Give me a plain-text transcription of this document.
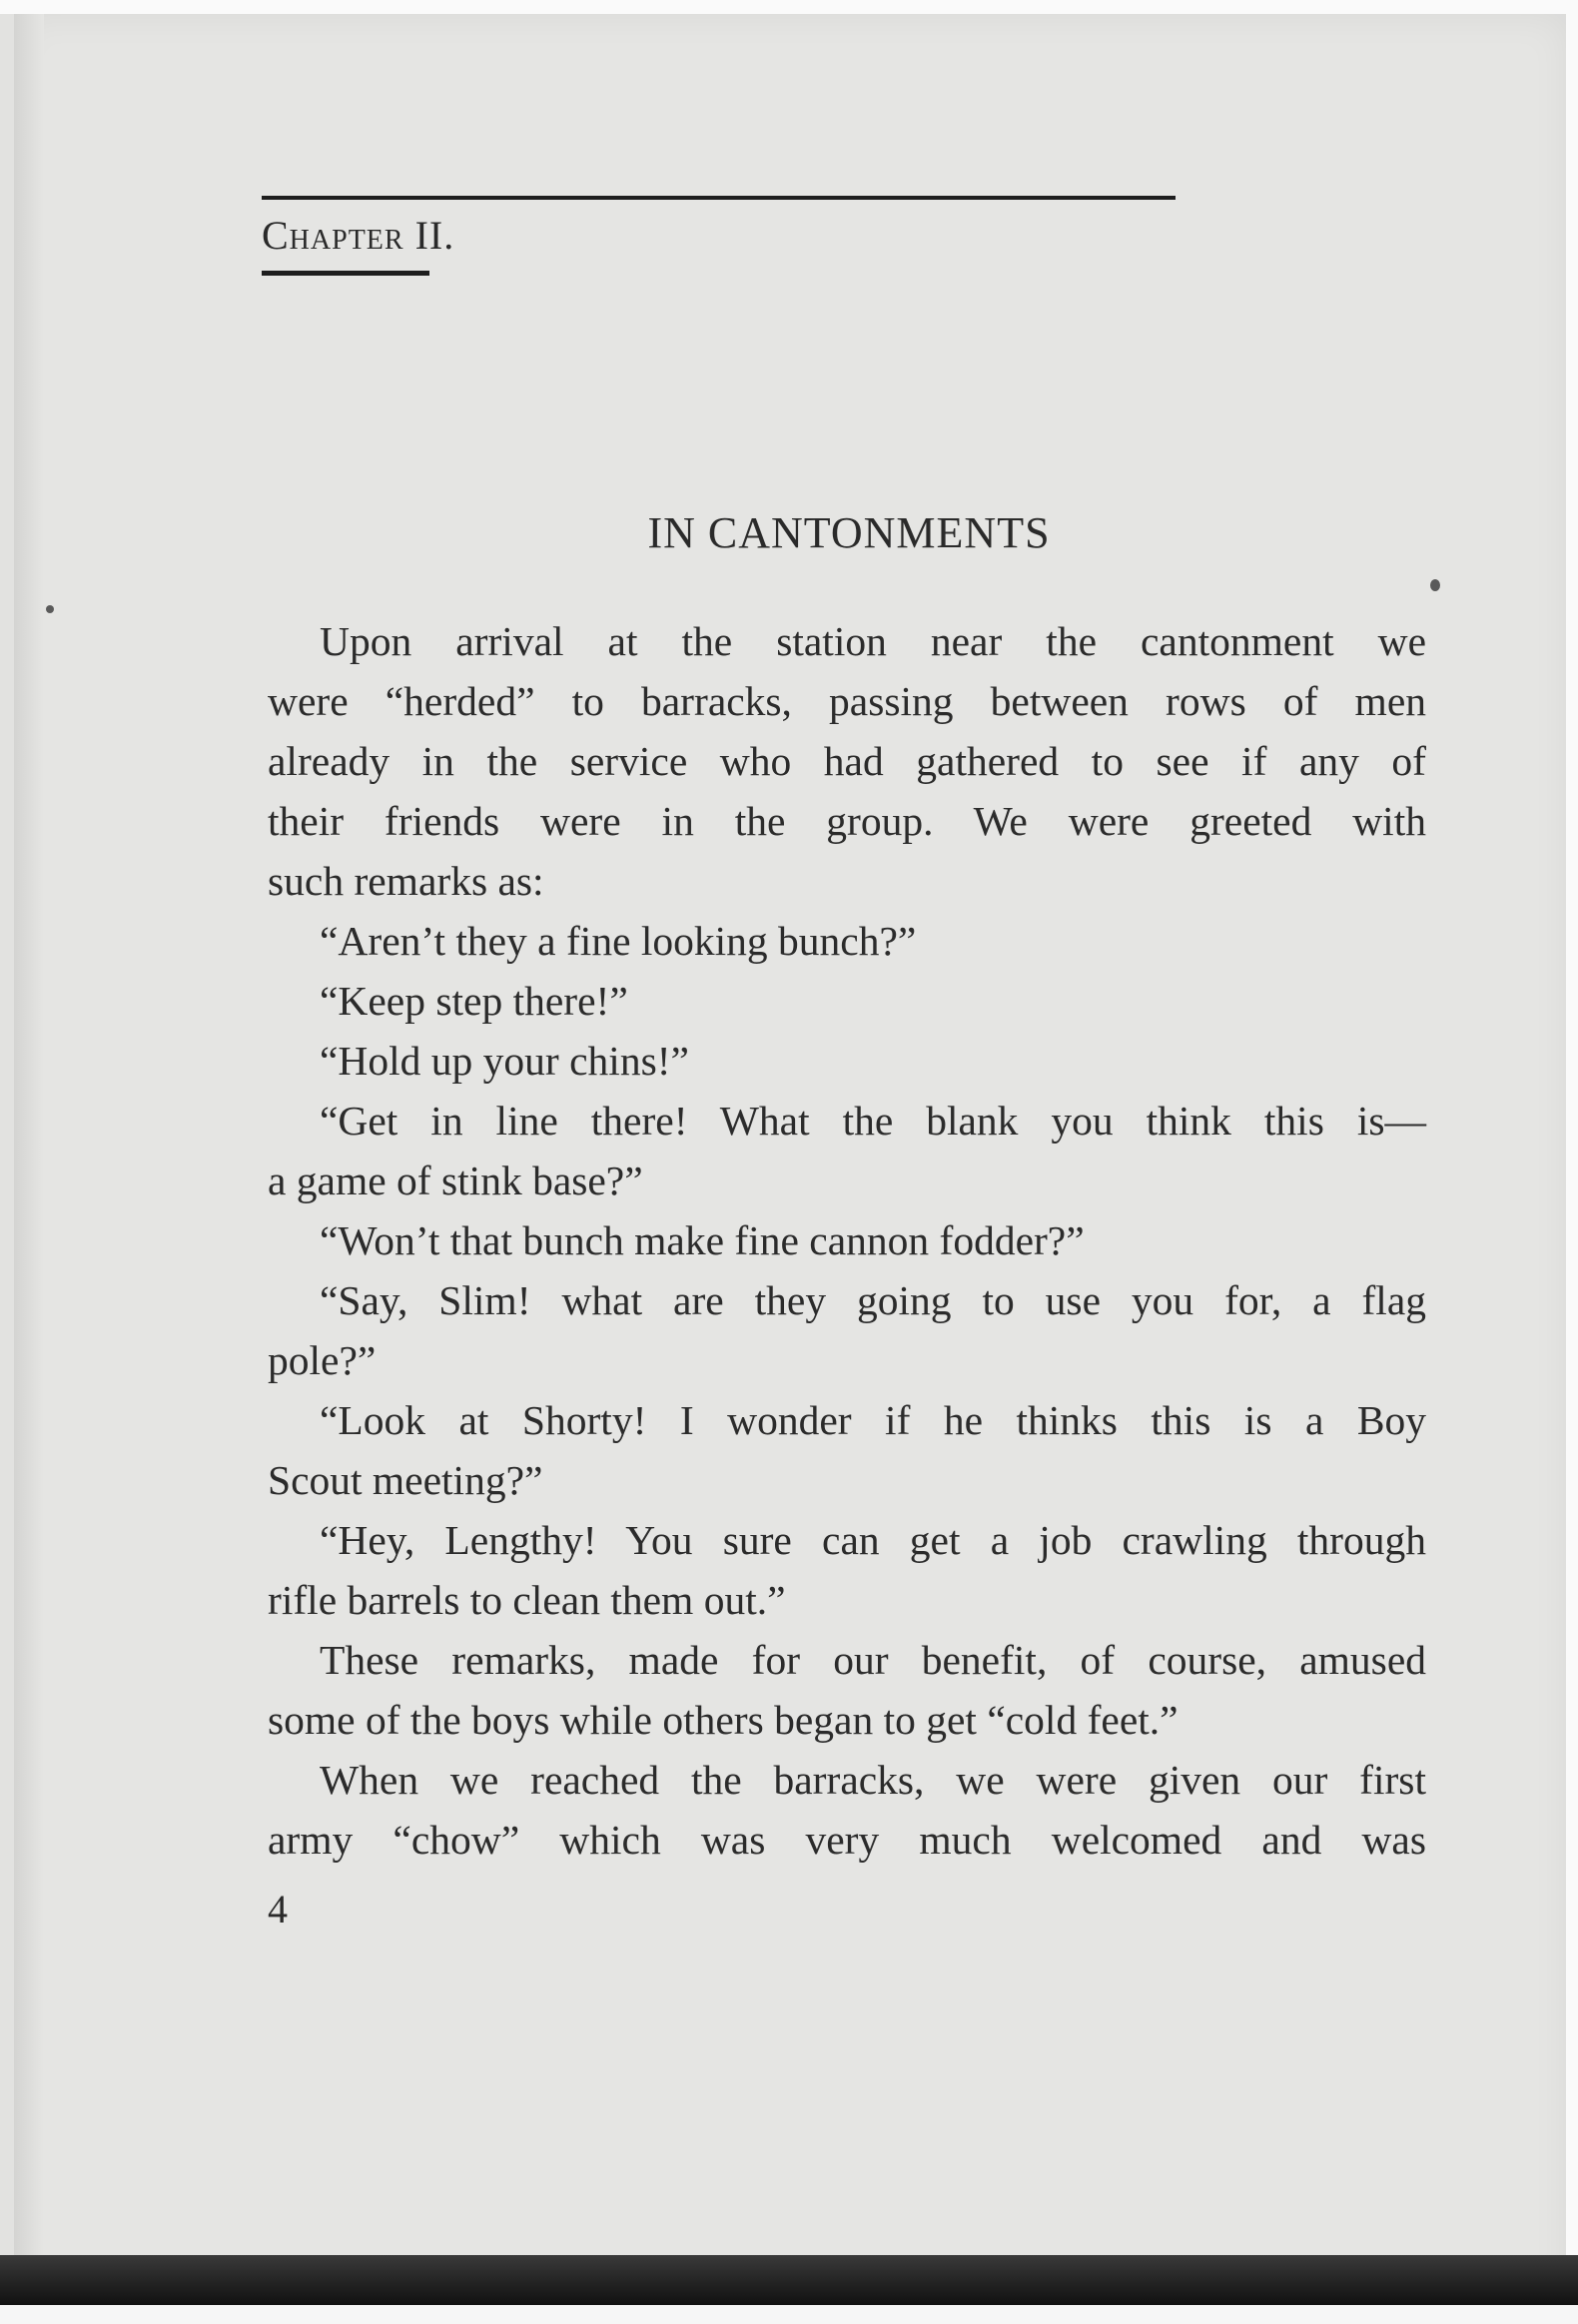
Chapter II.
IN CANTONMENTS
Upon arrival at the station near the cantonment we
were “herded” to barracks, passing between rows of men
already in the service who had gathered to see if any of
their friends were in the group. We were greeted with
such remarks as:
“Aren’t they a fine looking bunch?”
“Keep step there!”
“Hold up your chins!”
“Get in line there! What the blank you think this is—
a game of stink base?”
“Won’t that bunch make fine cannon fodder?”
“Say, Slim! what are they going to use you for, a flag
pole?”
“Look at Shorty! I wonder if he thinks this is a Boy
Scout meeting?”
“Hey, Lengthy! You sure can get a job crawling through
rifle barrels to clean them out.”
These remarks, made for our benefit, of course, amused
some of the boys while others began to get “cold feet.”
When we reached the barracks, we were given our first
army “chow” which was very much welcomed and was
4
